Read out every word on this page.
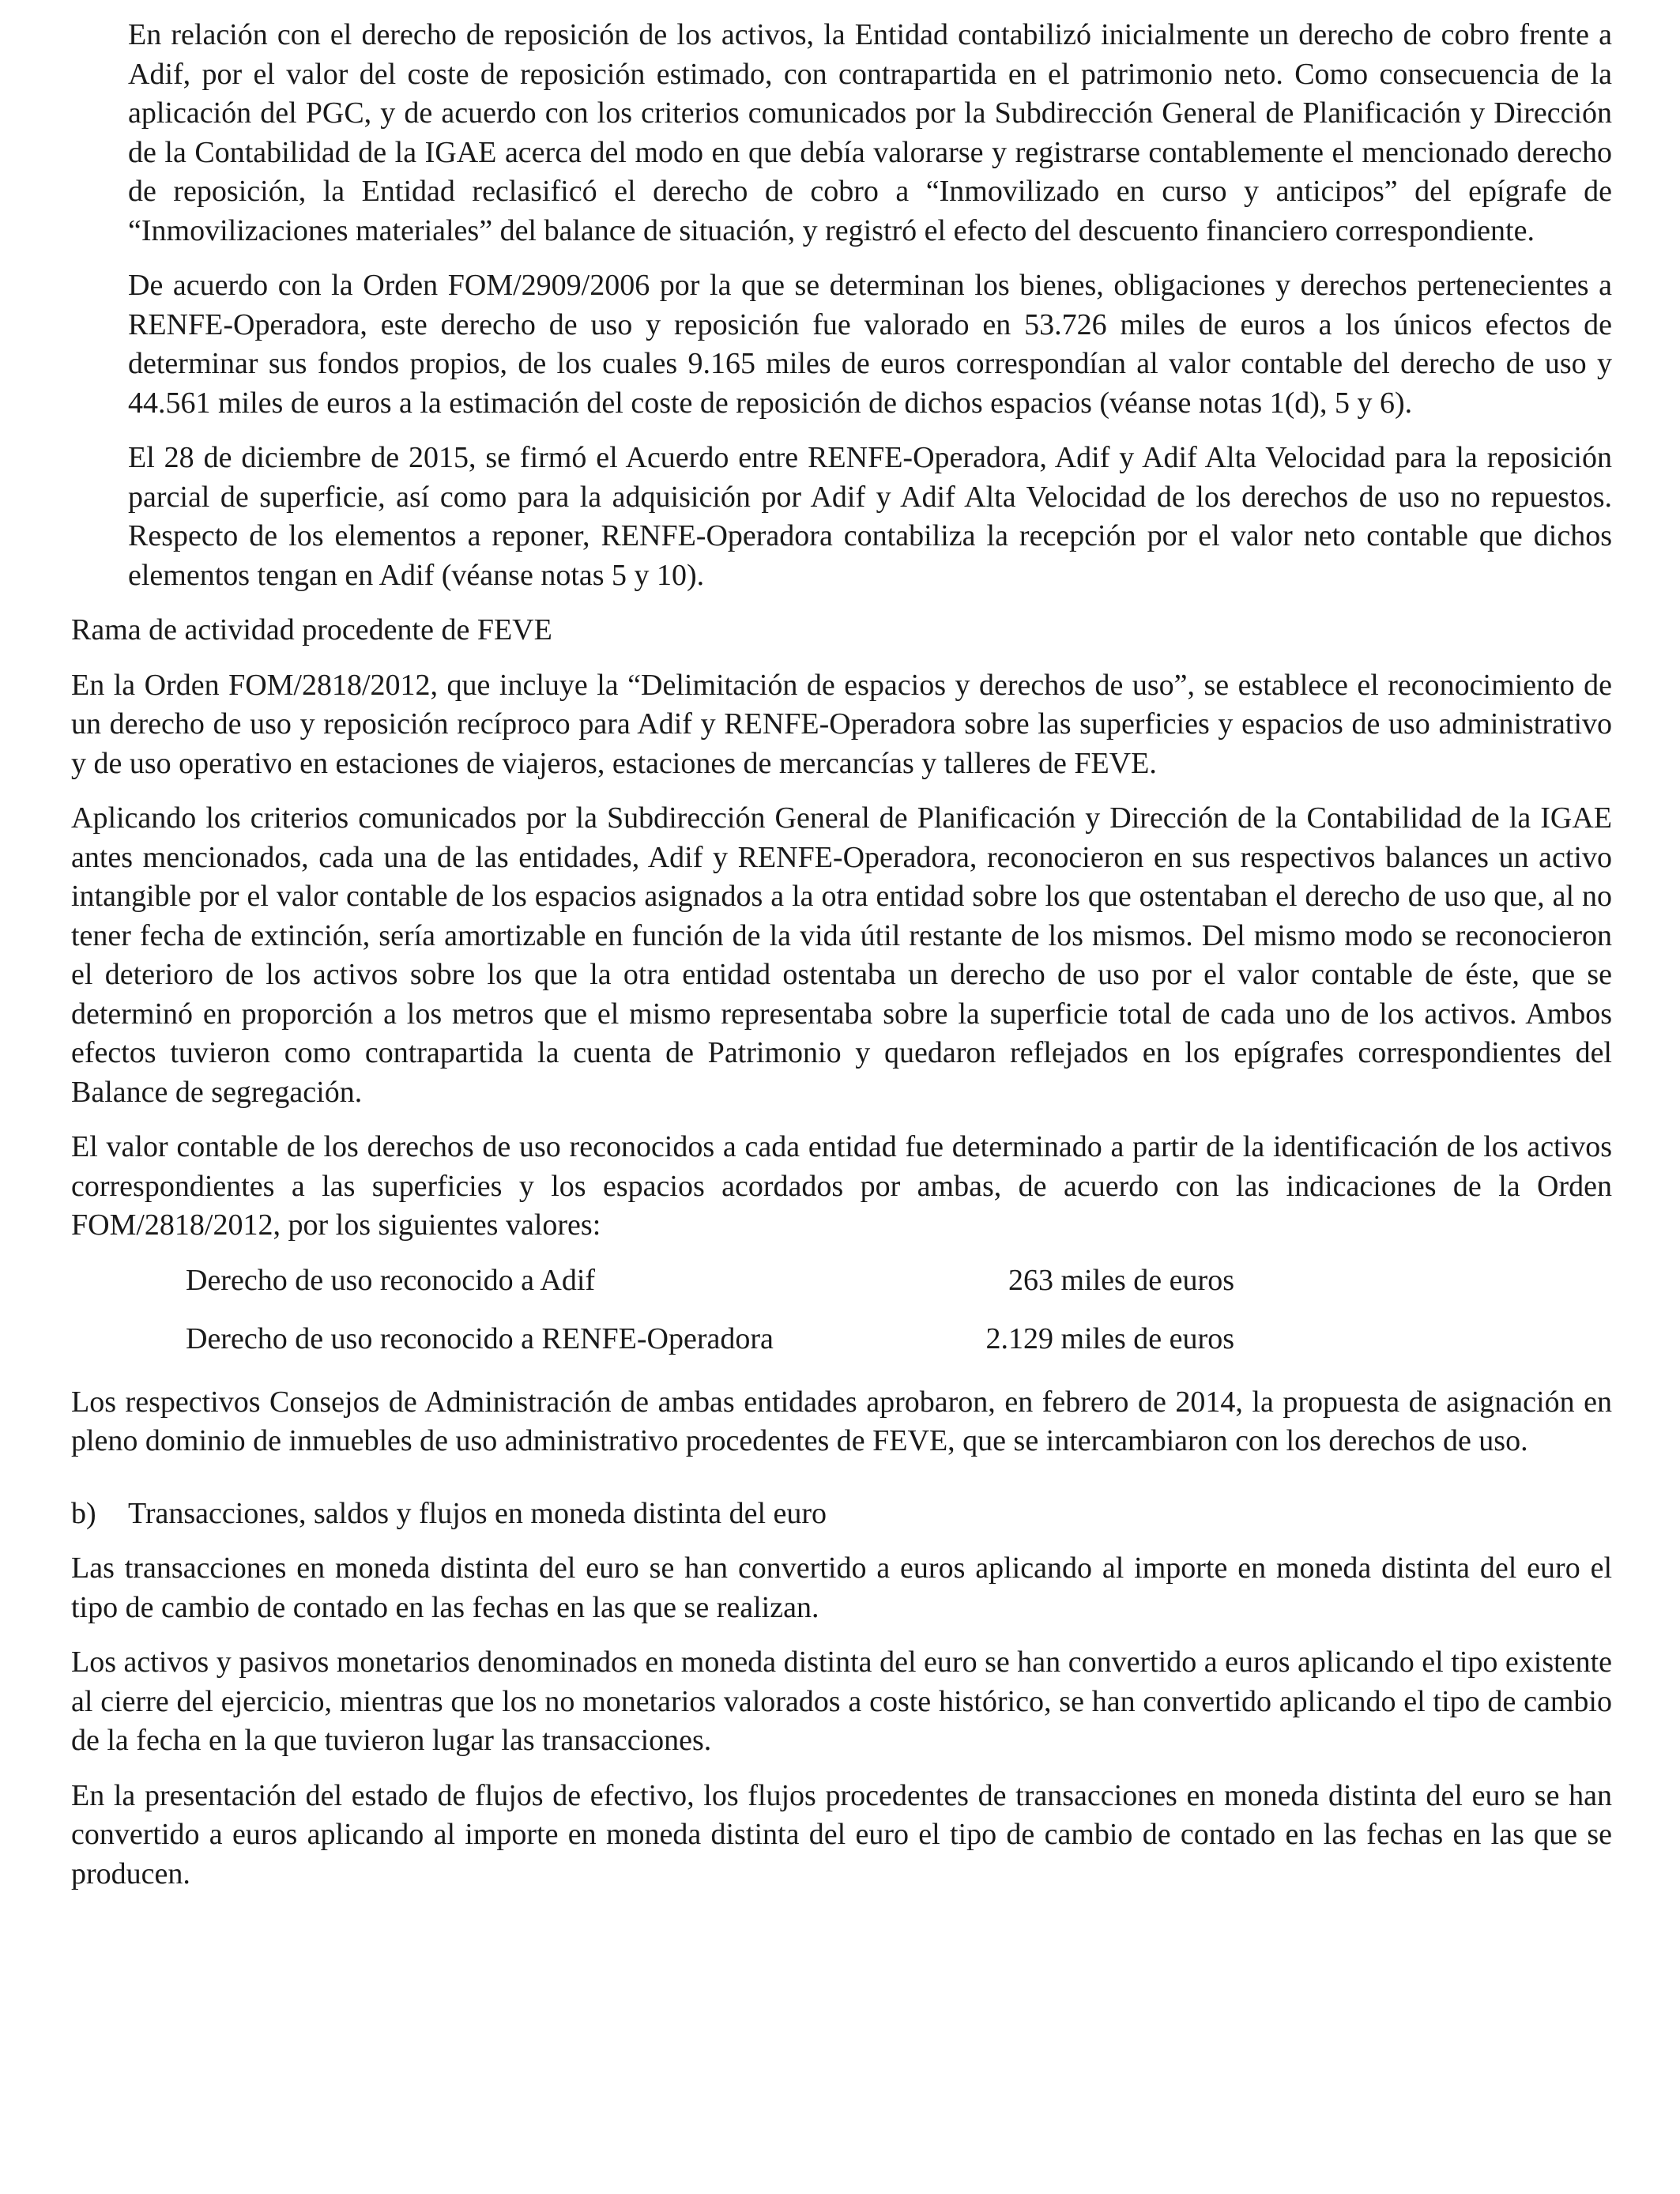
En relación con el derecho de reposición de los activos, la Entidad contabilizó inicialmente un derecho de cobro frente a Adif, por el valor del coste de reposición estimado, con contrapartida en el patrimonio neto. Como consecuencia de la aplicación del PGC, y de acuerdo con los criterios comunicados por la Subdirección General de Planificación y Dirección de la Contabilidad de la IGAE acerca del modo en que debía valorarse y registrarse contablemente el mencionado derecho de reposición, la Entidad reclasificó el derecho de cobro a “Inmovilizado en curso y anticipos” del epígrafe de “Inmovilizaciones materiales” del balance de situación, y registró el efecto del descuento financiero correspondiente.

De acuerdo con la Orden FOM/2909/2006 por la que se determinan los bienes, obligaciones y derechos pertenecientes a RENFE-Operadora, este derecho de uso y reposición fue valorado en 53.726 miles de euros a los únicos efectos de determinar sus fondos propios, de los cuales 9.165 miles de euros correspondían al valor contable del derecho de uso y 44.561 miles de euros a la estimación del coste de reposición de dichos espacios (véanse notas 1(d), 5 y 6).

El 28 de diciembre de 2015, se firmó el Acuerdo entre RENFE-Operadora, Adif y Adif Alta Velocidad para la reposición parcial de superficie, así como para la adquisición por Adif y Adif Alta Velocidad de los derechos de uso no repuestos. Respecto de los elementos a reponer, RENFE-Operadora contabiliza la recepción por el valor neto contable que dichos elementos tengan en Adif (véanse notas 5 y 10).

Rama de actividad procedente de FEVE

En la Orden FOM/2818/2012, que incluye la “Delimitación de espacios y derechos de uso”, se establece el reconocimiento de un derecho de uso y reposición recíproco para Adif y RENFE-Operadora sobre las superficies y espacios de uso administrativo y de uso operativo en estaciones de viajeros, estaciones de mercancías y talleres de FEVE.

Aplicando los criterios comunicados por la Subdirección General de Planificación y Dirección de la Contabilidad de la IGAE antes mencionados, cada una de las entidades, Adif y RENFE-Operadora, reconocieron en sus respectivos balances un activo intangible por el valor contable de los espacios asignados a la otra entidad sobre los que ostentaban el derecho de uso que, al no tener fecha de extinción, sería amortizable en función de la vida útil restante de los mismos. Del mismo modo se reconocieron el deterioro de los activos sobre los que la otra entidad ostentaba un derecho de uso por el valor contable de éste, que se determinó en proporción a los metros que el mismo representaba sobre la superficie total de cada uno de los activos. Ambos efectos tuvieron como contrapartida la cuenta de Patrimonio y quedaron reflejados en los epígrafes correspondientes del Balance de segregación.

El valor contable de los derechos de uso reconocidos a cada entidad fue determinado a partir de la identificación de los activos correspondientes a las superficies y los espacios acordados por ambas, de acuerdo con las indicaciones de la Orden FOM/2818/2012, por los siguientes valores:

Derecho de uso reconocido a Adif	263 miles de euros
Derecho de uso reconocido a RENFE-Operadora	2.129 miles de euros

Los respectivos Consejos de Administración de ambas entidades aprobaron, en febrero de 2014, la propuesta de asignación en pleno dominio de inmuebles de uso administrativo procedentes de FEVE, que se intercambiaron con los derechos de uso.

b)	Transacciones, saldos y flujos en moneda distinta del euro

Las transacciones en moneda distinta del euro se han convertido a euros aplicando al importe en moneda distinta del euro el tipo de cambio de contado en las fechas en las que se realizan.

Los activos y pasivos monetarios denominados en moneda distinta del euro se han convertido a euros aplicando el tipo existente al cierre del ejercicio, mientras que los no monetarios valorados a coste histórico, se han convertido aplicando el tipo de cambio de la fecha en la que tuvieron lugar las transacciones.

En la presentación del estado de flujos de efectivo, los flujos procedentes de transacciones en moneda distinta del euro se han convertido a euros aplicando al importe en moneda distinta del euro el tipo de cambio de contado en las fechas en las que se producen.
